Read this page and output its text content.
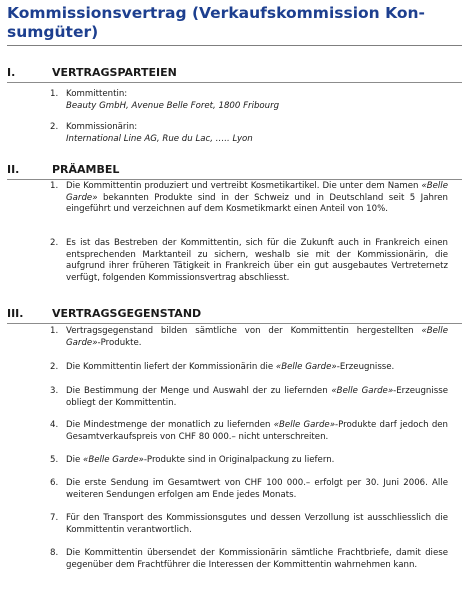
Kommissionsvertrag (Verkaufskommission Kon-
sumgüter)
I.	VERTRAGSPARTEIEN
1. Kommittentin:
Beauty GmbH, Avenue Belle Foret, 1800 Fribourg
2. Kommissionärin:
International Line AG, Rue du Lac, ….. Lyon
II.	PRÄAMBEL
1. Die Kommittentin produziert und vertreibt Kosmetikartikel. Die unter dem Namen «Belle Garde» bekannten Produkte sind in der Schweiz und in Deutschland seit 5 Jahren eingeführt und verzeichnen auf dem Kosmetikmarkt einen Anteil von 10%.
2. Es ist das Bestreben der Kommittentin, sich für die Zukunft auch in Frankreich einen entsprechenden Marktanteil zu sichern, weshalb sie mit der Kommissionärin, die aufgrund ihrer früheren Tätigkeit in Frankreich über ein gut ausgebautes Vertreternetz verfügt, folgenden Kommissionsvertrag abschliesst.
III.	VERTRAGSGEGENSTAND
1. Vertragsgegenstand bilden sämtliche von der Kommittentin hergestellten «Belle Garde»-Produkte.
2. Die Kommittentin liefert der Kommissionärin die «Belle Garde»-Erzeugnisse.
3. Die Bestimmung der Menge und Auswahl der zu liefernden «Belle Garde»-Erzeugnisse obliegt der Kommittentin.
4. Die Mindestmenge der monatlich zu liefernden «Belle Garde»-Produkte darf jedoch den Gesamtverkaufspreis von CHF 80 000.– nicht unterschreiten.
5. Die «Belle Garde»-Produkte sind in Originalpackung zu liefern.
6. Die erste Sendung im Gesamtwert von CHF 100 000.– erfolgt per 30. Juni 2006. Alle weiteren Sendungen erfolgen am Ende jedes Monats.
7. Für den Transport des Kommissionsgutes und dessen Verzollung ist ausschliesslich die Kommittentin verantwortlich.
8. Die Kommittentin übersendet der Kommissionärin sämtliche Frachtbriefe, damit diese gegenüber dem Frachtführer die Interessen der Kommittentin wahrnehmen kann.
